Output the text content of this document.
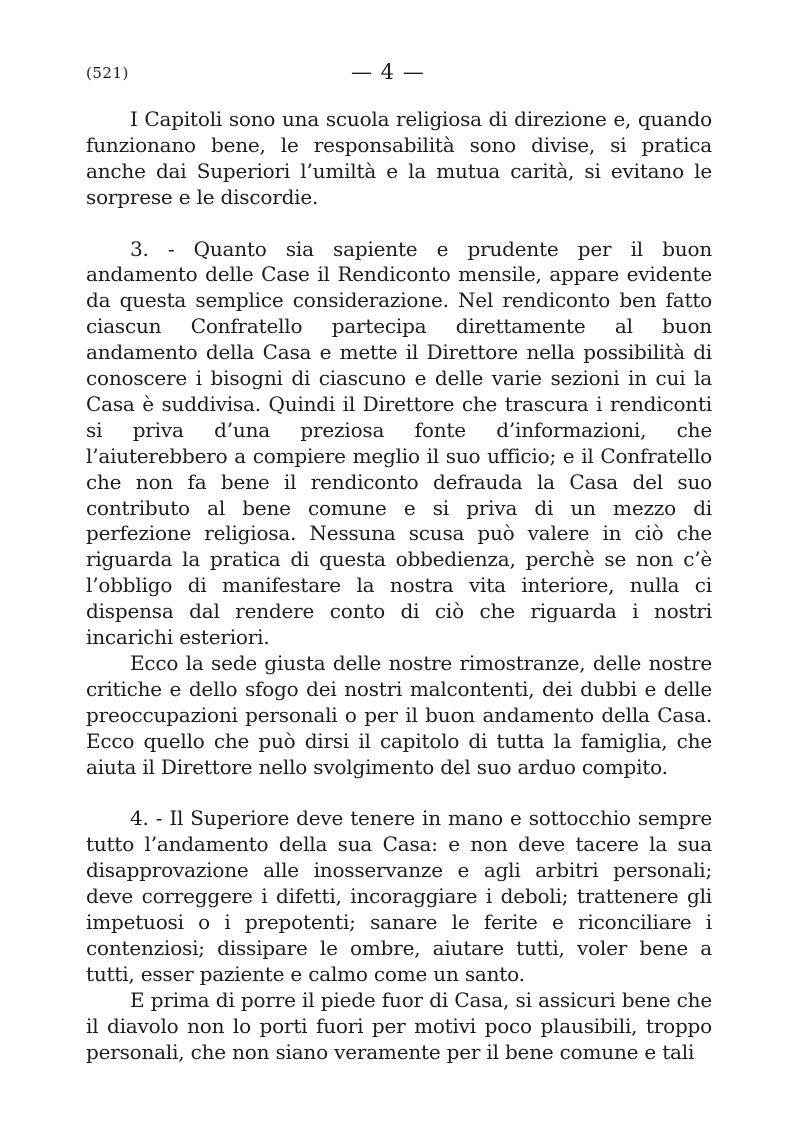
(521)	— 4 —

I Capitoli sono una scuola religiosa di direzione e, quando funzionano bene, le responsabilità sono divise, si pratica anche dai Superiori l’umiltà e la mutua carità, si evitano le sorprese e le discordie.

3. - Quanto sia sapiente e prudente per il buon andamento delle Case il Rendiconto mensile, appare evidente da questa semplice considerazione. Nel rendiconto ben fatto ciascun Confratello partecipa direttamente al buon andamento della Casa e mette il Direttore nella possibilità di conoscere i bisogni di ciascuno e delle varie sezioni in cui la Casa è suddivisa. Quindi il Direttore che trascura i rendiconti si priva d’una preziosa fonte d’informazioni, che l’aiuterebbero a compiere meglio il suo ufficio; e il Confratello che non fa bene il rendiconto defrauda la Casa del suo contributo al bene comune e si priva di un mezzo di perfezione religiosa. Nessuna scusa può valere in ciò che riguarda la pratica di questa obbedienza, perchè se non c’è l’obbligo di manifestare la nostra vita interiore, nulla ci dispensa dal rendere conto di ciò che riguarda i nostri incarichi esteriori.

Ecco la sede giusta delle nostre rimostranze, delle nostre critiche e dello sfogo dei nostri malcontenti, dei dubbi e delle preoccupazioni personali o per il buon andamento della Casa. Ecco quello che può dirsi il capitolo di tutta la famiglia, che aiuta il Direttore nello svolgimento del suo arduo compito.

4. - Il Superiore deve tenere in mano e sottocchio sempre tutto l’andamento della sua Casa: e non deve tacere la sua disapprovazione alle inosservanze e agli arbitri personali; deve correggere i difetti, incoraggiare i deboli; trattenere gli impetuosi o i prepotenti; sanare le ferite e riconciliare i contenziosi; dissipare le ombre, aiutare tutti, voler bene a tutti, esser paziente e calmo come un santo.

E prima di porre il piede fuor di Casa, si assicuri bene che il diavolo non lo porti fuori per motivi poco plausibili, troppo personali, che non siano veramente per il bene comune e tali
